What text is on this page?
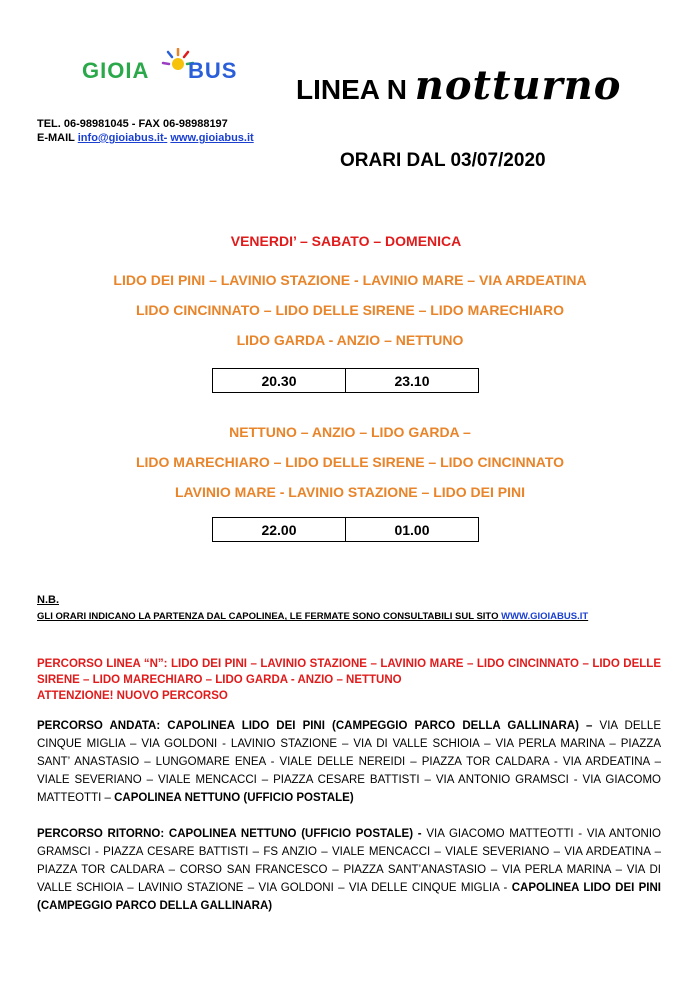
GIOIA BUS
LINEA N notturno
TEL. 06-98981045 - FAX 06-98988197
E-MAIL info@gioiabus.it- www.gioiabus.it
ORARI DAL 03/07/2020
VENERDI’ – SABATO – DOMENICA
LIDO DEI PINI – LAVINIO STAZIONE - LAVINIO MARE – VIA ARDEATINA
LIDO CINCINNATO – LIDO DELLE SIRENE – LIDO MARECHIARO
LIDO GARDA - ANZIO – NETTUNO
20.30	23.10
NETTUNO – ANZIO – LIDO GARDA –
LIDO MARECHIARO – LIDO DELLE SIRENE – LIDO CINCINNATO
LAVINIO MARE - LAVINIO STAZIONE – LIDO DEI PINI
22.00	01.00
N.B.
GLI ORARI INDICANO LA PARTENZA DAL CAPOLINEA, LE FERMATE SONO CONSULTABILI SUL SITO WWW.GIOIABUS.IT
PERCORSO LINEA “N”: LIDO DEI PINI – LAVINIO STAZIONE – LAVINIO MARE – LIDO CINCINNATO – LIDO DELLE SIRENE – LIDO MARECHIARO – LIDO GARDA - ANZIO – NETTUNO
ATTENZIONE! NUOVO PERCORSO
PERCORSO ANDATA: CAPOLINEA LIDO DEI PINI (CAMPEGGIO PARCO DELLA GALLINARA) – VIA DELLE CINQUE MIGLIA – VIA GOLDONI - LAVINIO STAZIONE – VIA DI VALLE SCHIOIA – VIA PERLA MARINA – PIAZZA SANT’ ANASTASIO – LUNGOMARE ENEA - VIALE DELLE NEREIDI – PIAZZA TOR CALDARA - VIA ARDEATINA – VIALE SEVERIANO – VIALE MENCACCI – PIAZZA CESARE BATTISTI – VIA ANTONIO GRAMSCI - VIA GIACOMO MATTEOTTI – CAPOLINEA NETTUNO (UFFICIO POSTALE)
PERCORSO RITORNO: CAPOLINEA NETTUNO (UFFICIO POSTALE) - VIA GIACOMO MATTEOTTI - VIA ANTONIO GRAMSCI - PIAZZA CESARE BATTISTI – FS ANZIO – VIALE MENCACCI – VIALE SEVERIANO – VIA ARDEATINA – PIAZZA TOR CALDARA – CORSO SAN FRANCESCO – PIAZZA SANT’ANASTASIO – VIA PERLA MARINA – VIA DI VALLE SCHIOIA – LAVINIO STAZIONE – VIA GOLDONI – VIA DELLE CINQUE MIGLIA - CAPOLINEA LIDO DEI PINI (CAMPEGGIO PARCO DELLA GALLINARA)
